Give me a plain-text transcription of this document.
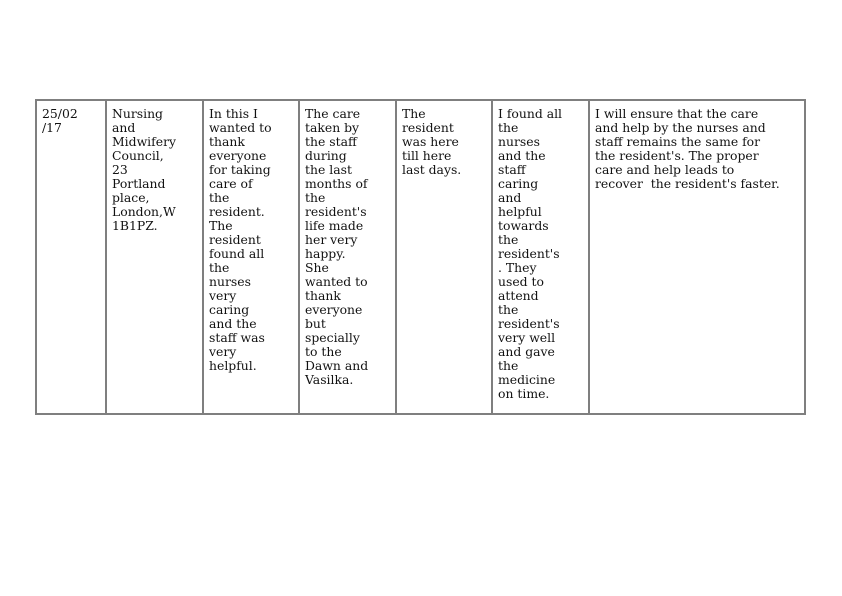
25/02
/17

Nursing
and
Midwifery
Council,
23
Portland
place,
London,W
1B1PZ.

In this I
wanted to
thank
everyone
for taking
care of
the
resident.
The
resident
found all
the
nurses
very
caring
and the
staff was
very
helpful.

The care
taken by
the staff
during
the last
months of
the
resident's
life made
her very
happy.
She
wanted to
thank
everyone
but
specially
to the
Dawn and
Vasilka.

The
resident
was here
till here
last days.

I found all
the
nurses
and the
staff
caring
and
helpful
towards
the
resident's
. They
used to
attend
the
resident's
very well
and gave
the
medicine
on time.

I will ensure that the care
and help by the nurses and
staff remains the same for
the resident's. The proper
care and help leads to
recover  the resident's faster.
